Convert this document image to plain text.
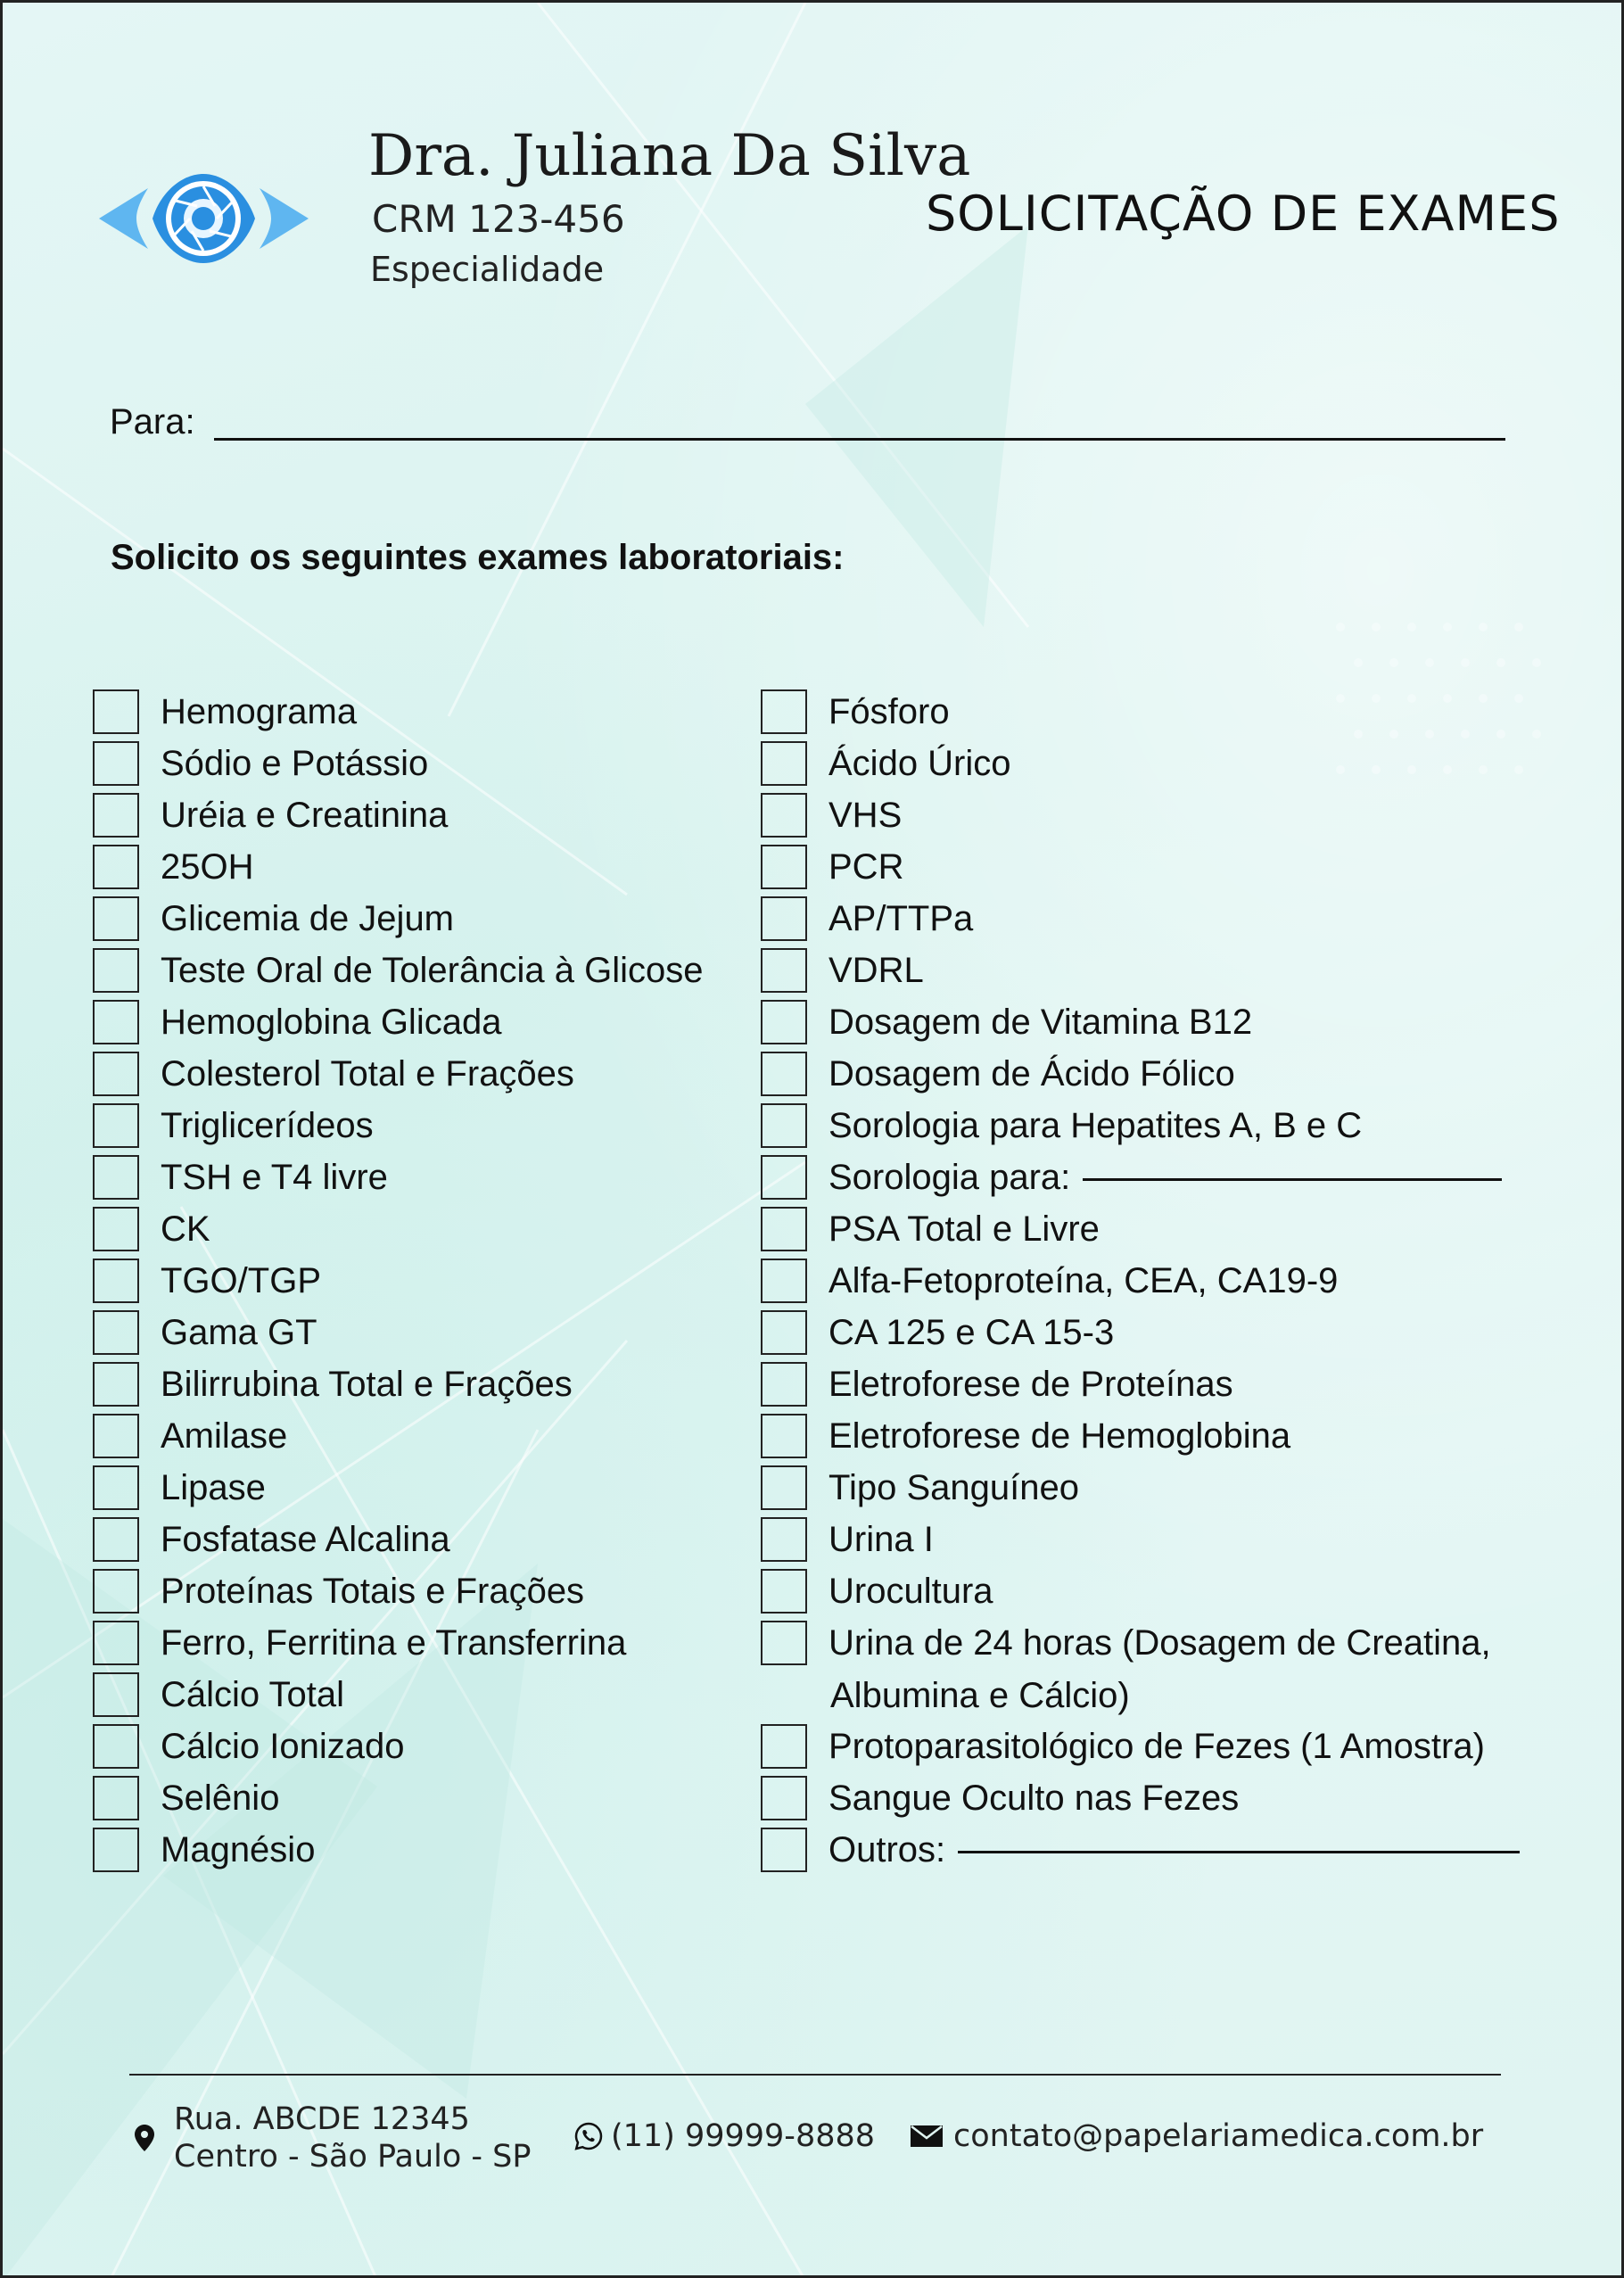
Dra. Juliana Da Silva
CRM 123-456
Especialidade
SOLICITAÇÃO DE EXAMES
Para:
Solicito os seguintes exames laboratoriais:
Hemograma
Sódio e Potássio
Uréia e Creatinina
25OH
Glicemia de Jejum
Teste Oral de Tolerância à Glicose
Hemoglobina Glicada
Colesterol Total e Frações
Triglicerídeos
TSH e T4 livre
CK
TGO/TGP
Gama GT
Bilirrubina Total e Frações
Amilase
Lipase
Fosfatase Alcalina
Proteínas Totais e Frações
Ferro, Ferritina e Transferrina
Cálcio Total
Cálcio Ionizado
Selênio
Magnésio
Fósforo
Ácido Úrico
VHS
PCR
AP/TTPa
VDRL
Dosagem de Vitamina B12
Dosagem de Ácido Fólico
Sorologia para Hepatites A, B e C
Sorologia para:
PSA Total e Livre
Alfa-Fetoproteína, CEA, CA19-9
CA 125 e CA 15-3
Eletroforese de Proteínas
Eletroforese de Hemoglobina
Tipo Sanguíneo
Urina I
Urocultura
Urina de 24 horas (Dosagem de Creatina,
Albumina e Cálcio)
Protoparasitológico de Fezes (1 Amostra)
Sangue Oculto nas Fezes
Outros:
Rua. ABCDE 12345
Centro - São Paulo - SP
(11) 99999-8888	contato@papelariamedica.com.br
